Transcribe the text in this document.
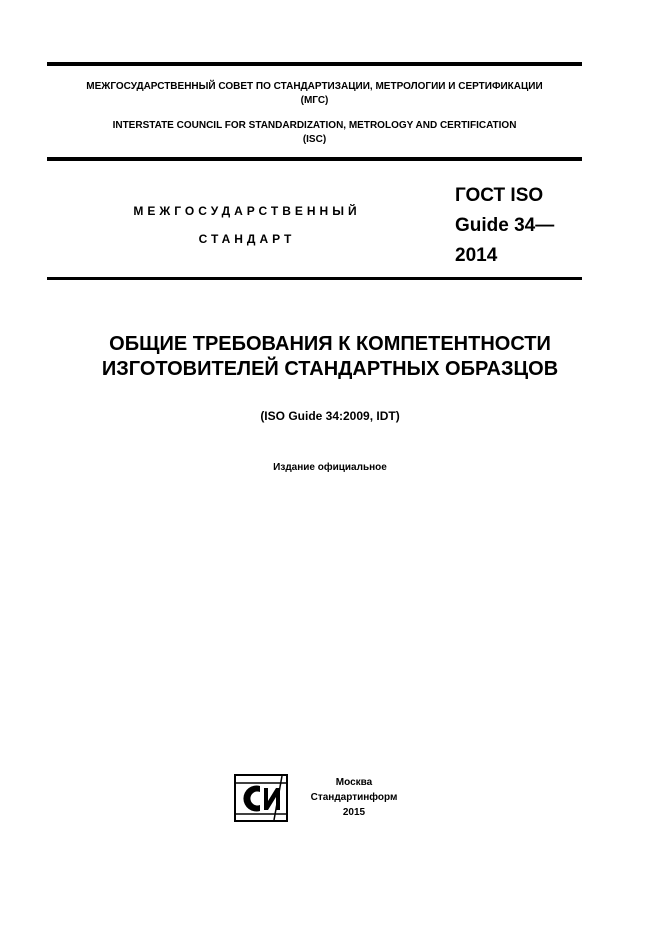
МЕЖГОСУДАРСТВЕННЫЙ СОВЕТ ПО СТАНДАРТИЗАЦИИ, МЕТРОЛОГИИ И СЕРТИФИКАЦИИ
(МГС)
INTERSTATE COUNCIL FOR STANDARDIZATION, METROLOGY AND CERTIFICATION
(ISC)
МЕЖГОСУДАРСТВЕННЫЙ
СТАНДАРТ
ГОСТ ISO
Guide 34—
2014
ОБЩИЕ ТРЕБОВАНИЯ К КОМПЕТЕНТНОСТИ
ИЗГОТОВИТЕЛЕЙ СТАНДАРТНЫХ ОБРАЗЦОВ
(ISO Guide 34:2009, IDT)
Издание официальное
Москва
Стандартинформ
2015
